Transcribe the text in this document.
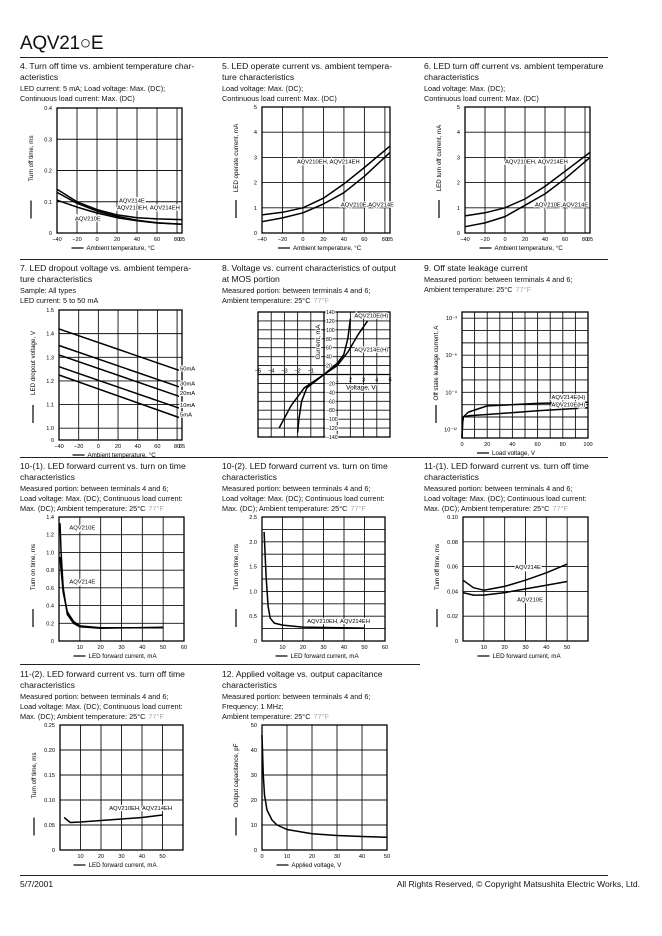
AQV21○E
4. Turn off time vs. ambient temperature char-
acteristics
LED current: 5 mA; Load voltage: Max. (DC);
Continuous load current: Max. (DC)
5. LED operate current vs. ambient tempera-
ture characteristics
Load voltage: Max. (DC);
Continuous load current: Max. (DC)
6. LED turn off current vs. ambient temperature
characteristics
Load voltage: Max. (DC);
Continuous load current: Max. (DC)
7. LED dropout voltage vs. ambient tempera-
ture characteristics
Sample: All types
LED current: 5 to 50 mA
8. Voltage vs. current characteristics of output
at MOS portion
Measured portion: between terminals 4 and 6;
Ambient temperature: 25°C 77°F
9. Off state leakage current
Measured portion: between terminals 4 and 6;
Ambient temperature: 25°C 77°F
10-(1). LED forward current vs. turn on time
characteristics
Measured portion: between terminals 4 and 6;
Load voltage: Max. (DC); Continuous load current:
Max. (DC); Ambient temperature: 25°C 77°F
10-(2). LED forward current vs. turn on time
characteristics
Measured portion: between terminals 4 and 6;
Load voltage: Max. (DC); Continuous load current:
Max. (DC); Ambient temperature: 25°C 77°F
11-(1). LED forward current vs. turn off time
characteristics
Measured portion: between terminals 4 and 6;
Load voltage: Max. (DC); Continuous load current:
Max. (DC); Ambient temperature: 25°C 77°F
11-(2). LED forward current vs. turn off time
characteristics
Measured portion: between terminals 4 and 6;
Load voltage: Max. (DC); Continuous load current:
Max. (DC); Ambient temperature: 25°C 77°F
12. Applied voltage vs. output capacitance
characteristics
Measured portion: between terminals 4 and 6;
Frequency: 1 MHz;
Ambient temperature: 25°C 77°F
−40 −20 0	20 40 60 80
85
0
0.1
0.2
0.3
0.4
Ambient temperature, °C
Turn off time, ms
AQV214E
AQV210EH, AQV214EH
AQV210E
−40 −20	0	20	40	60	80
85
0
1
2
3
4
5
Ambient temperature, °C
LED operate current, mA	AQV210EH, AQV214EH
AQV210E,AQV214E
−40 −20 0	20 40 60 80
85
0
1
2
3
4
5
Ambient temperature, °C
LED turn off current, mA	AQV210EH, AQV214EH
AQV210E,AQV214E
−40 −20 0	20 40 60 80
85
0
1.0
1.1
1.2
1.3
1.4
1.5
Ambient temperature, °C
LED dropout voltage, V	50mA
30mA
20mA
10mA
5mA
−5 −4 −3 −2 −1
1 2 3 4 5
−140
−120
−100
−80
−60
−40
−20
20
40
60
80
100
120
140
Current, mA
Voltage, V
AQV210E(H)
AQV214E(H)
0	20	40	60	80	100
10⁻³
10⁻⁶
10⁻⁹
10⁻¹²
Load voltage, V
Off state leakage current, A	AQV214E(H)
AQV210E(H)
10	20	30	40	50	60
0
0.2
0.4
0.6
0.8
1.0
1.2
1.4
LED forward current, mA
Turn on time, ms
AQV210E
AQV214E
10	20	30	40	50	60
0
0.5
1.0
1.5
2.0
2.5
LED forward current, mA
Turn on time, ms
AQV210EH, AQV214EH
10	20	30	40	50
0
0.02
0.04
0.06
0.08
0.10
LED forward current, mA
Turn off time, ms	AQV214E
AQV210E
10	20	30	40	50
0
0.05
0.10
0.15
0.20
0.25
LED forward current, mA
Turn off time, ms
AQV210EH, AQV214EH
0	10	20	30	40	50
0
10
20
30
40
50
Applied voltage, V
Output capacitance, pF
5/7/2001	All Rights Reserved, © Copyright Matsushita Electric Works, Ltd.
